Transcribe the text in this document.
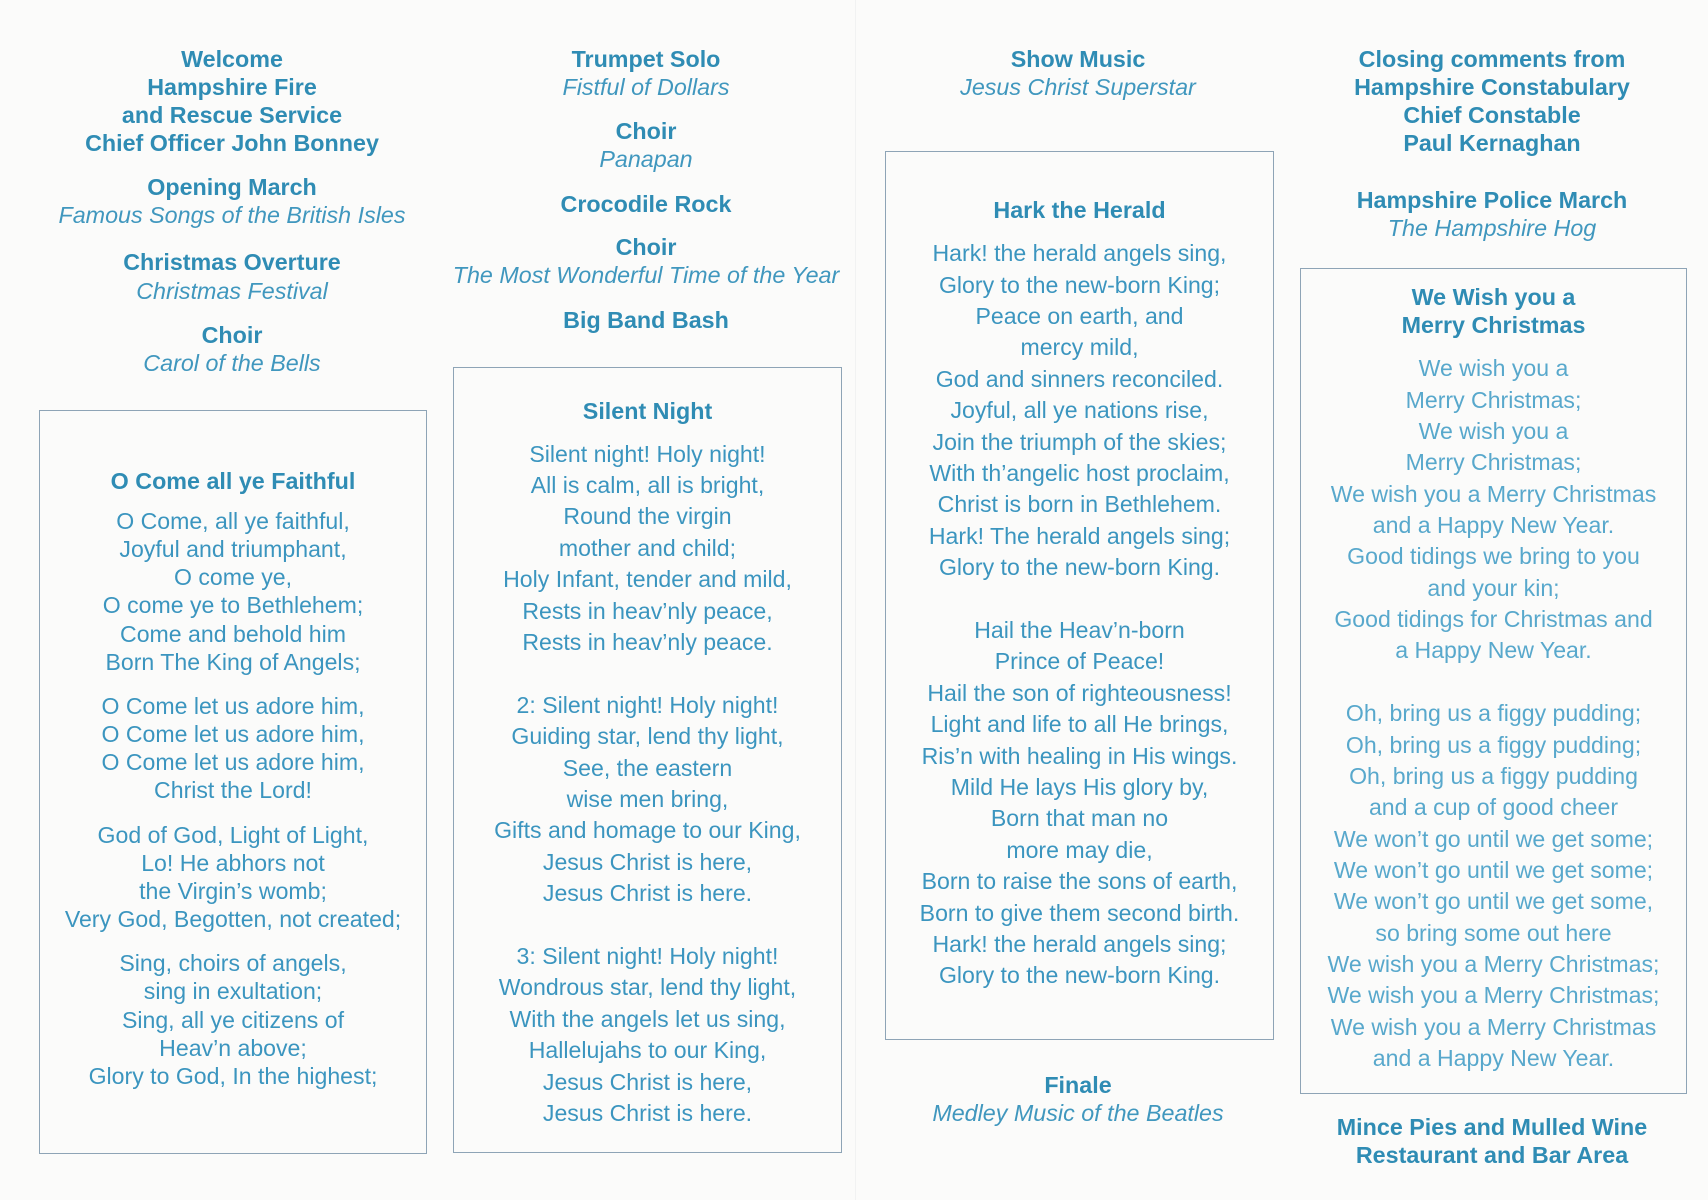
Welcome
Hampshire Fire
and Rescue Service
Chief Officer John Bonney
Opening March
Famous Songs of the British Isles
Christmas Overture
Christmas Festival
Choir
Carol of the Bells
O Come all ye Faithful
O Come, all ye faithful,
Joyful and triumphant,
O come ye,
O come ye to Bethlehem;
Come and behold him
Born The King of Angels;
O Come let us adore him,
O Come let us adore him,
O Come let us adore him,
Christ the Lord!
God of God, Light of Light,
Lo! He abhors not
the Virgin’s womb;
Very God, Begotten, not created;
Sing, choirs of angels,
sing in exultation;
Sing, all ye citizens of
Heav’n above;
Glory to God, In the highest;
Trumpet Solo
Fistful of Dollars
Choir
Panapan
Crocodile Rock
Choir
The Most Wonderful Time of the Year
Big Band Bash
Silent Night
Silent night! Holy night!
All is calm, all is bright,
Round the virgin
mother and child;
Holy Infant, tender and mild,
Rests in heav’nly peace,
Rests in heav’nly peace.
2: Silent night! Holy night!
Guiding star, lend thy light,
See, the eastern
wise men bring,
Gifts and homage to our King,
Jesus Christ is here,
Jesus Christ is here.
3: Silent night! Holy night!
Wondrous star, lend thy light,
With the angels let us sing,
Hallelujahs to our King,
Jesus Christ is here,
Jesus Christ is here.
Show Music
Jesus Christ Superstar
Hark the Herald
Hark! the herald angels sing,
Glory to the new-born King;
Peace on earth, and
mercy mild,
God and sinners reconciled.
Joyful, all ye nations rise,
Join the triumph of the skies;
With th’angelic host proclaim,
Christ is born in Bethlehem.
Hark! The herald angels sing;
Glory to the new-born King.
Hail the Heav’n-born
Prince of Peace!
Hail the son of righteousness!
Light and life to all He brings,
Ris’n with healing in His wings.
Mild He lays His glory by,
Born that man no
more may die,
Born to raise the sons of earth,
Born to give them second birth.
Hark! the herald angels sing;
Glory to the new-born King.
Finale
Medley Music of the Beatles
Closing comments from
Hampshire Constabulary
Chief Constable
Paul Kernaghan
Hampshire Police March
The Hampshire Hog
We Wish you a
Merry Christmas
We wish you a
Merry Christmas;
We wish you a
Merry Christmas;
We wish you a Merry Christmas
and a Happy New Year.
Good tidings we bring to you
and your kin;
Good tidings for Christmas and
a Happy New Year.
Oh, bring us a figgy pudding;
Oh, bring us a figgy pudding;
Oh, bring us a figgy pudding
and a cup of good cheer
We won’t go until we get some;
We won’t go until we get some;
We won’t go until we get some,
so bring some out here
We wish you a Merry Christmas;
We wish you a Merry Christmas;
We wish you a Merry Christmas
and a Happy New Year.
Mince Pies and Mulled Wine
Restaurant and Bar Area
